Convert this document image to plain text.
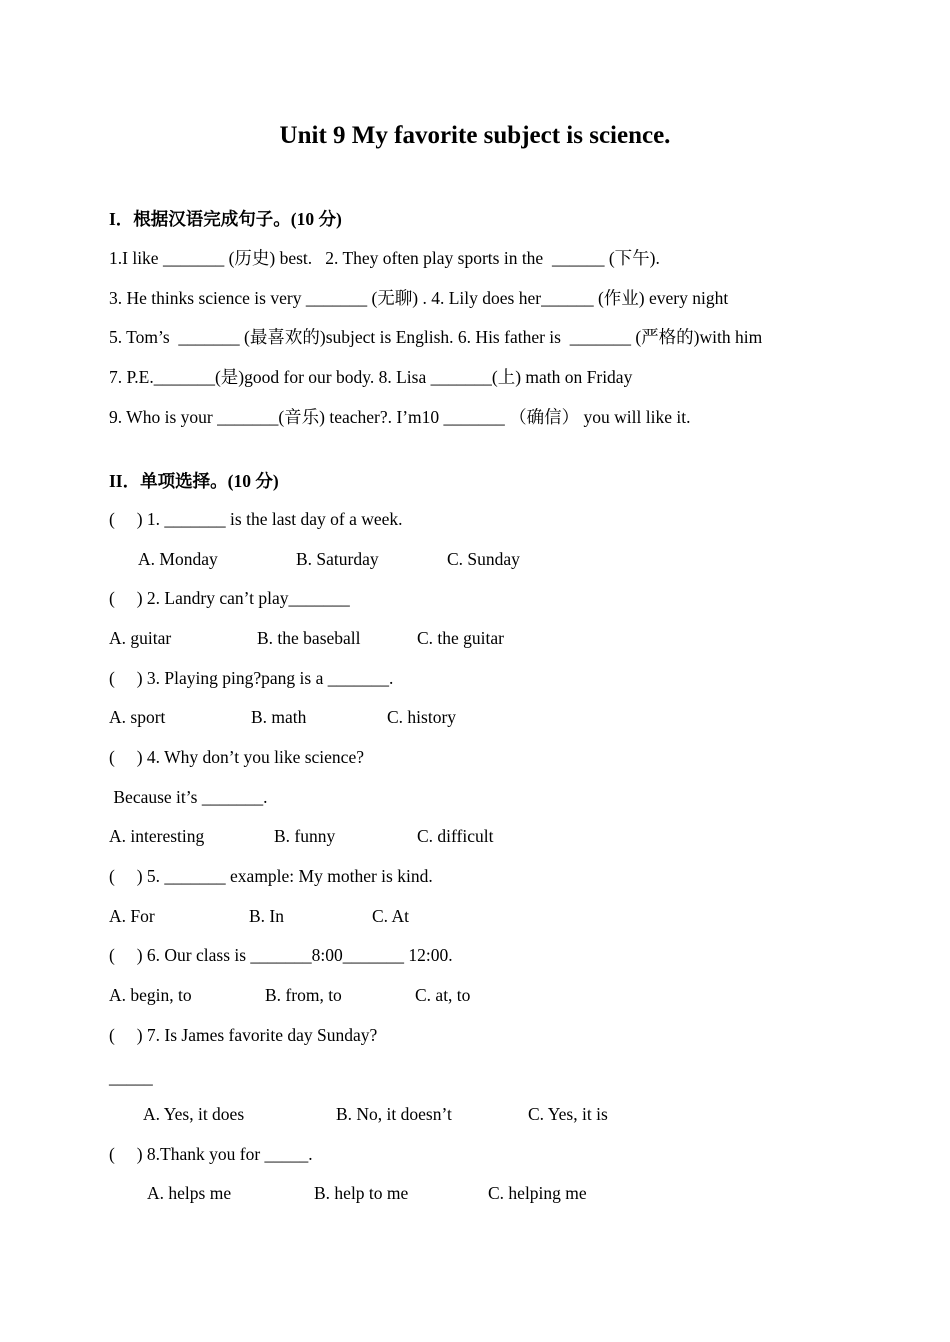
Unit 9 My favorite subject is science.
I．根据汉语完成句子。(10 分)
1.I like _______ (历史) best.   2. They often play sports in the  ______ (下午).
3. He thinks science is very _______ (无聊) . 4. Lily does her______ (作业) every night
5. Tom’s  _______ (最喜欢的)subject is English. 6. His father is  _______ (严格的)with him
7. P.E._______(是)good for our body. 8. Lisa _______(上) math on Friday
9. Who is your _______(音乐) teacher?. I’m10 _______ （确信） you will like it.
II．单项选择。(10 分)
(     ) 1. _______ is the last day of a week.
A. Monday	B. Saturday	C. Sunday
(     ) 2. Landry can’t play_______
A. guitar	B. the baseball	C. the guitar
(     ) 3. Playing ping?pang is a _______.
A. sport	B. math	C. history
(     ) 4. Why don’t you like science?
Because it’s _______.
A. interesting	B. funny	C. difficult
(     ) 5. _______ example: My mother is kind.
A. For	B. In	C. At
(     ) 6. Our class is _______8:00_______ 12:00.
A. begin, to	B. from, to	C. at, to
(     ) 7. Is James favorite day Sunday?
_____
A. Yes, it does	B. No, it doesn’t	C. Yes, it is
(     ) 8.Thank you for _____.
A. helps me	B. help to me	C. helping me
